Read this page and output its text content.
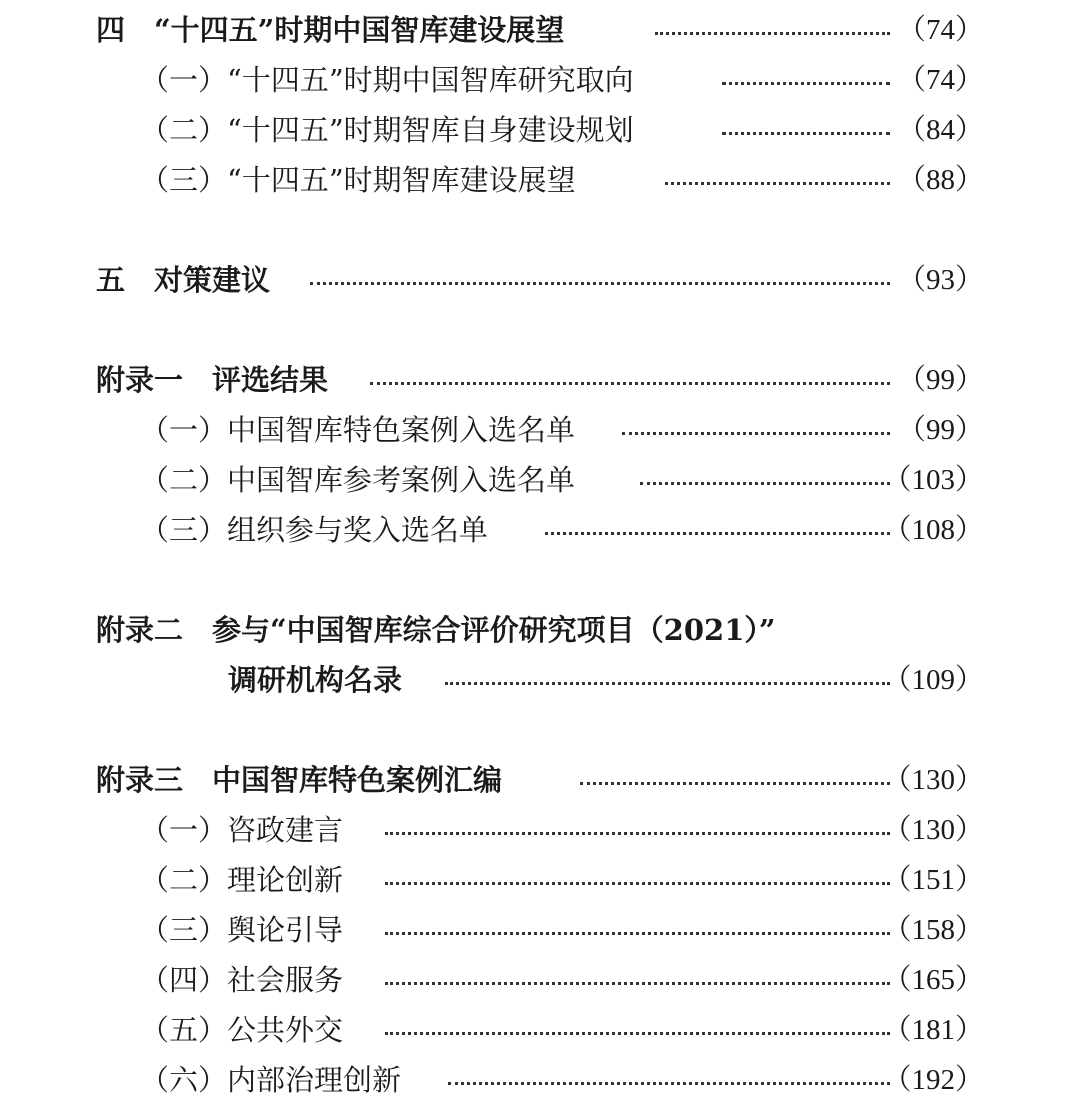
四　“十四五”时期中国智库建设展望	（74）
（一）“十四五”时期中国智库研究取向	（74）
（二）“十四五”时期智库自身建设规划	（84）
（三）“十四五”时期智库建设展望	（88）
五　对策建议	（93）
附录一　评选结果	（99）
（一）中国智库特色案例入选名单	（99）
（二）中国智库参考案例入选名单	（103）
（三）组织参与奖入选名单	（108）
附录二　参与“中国智库综合评价研究项目（2021）”
调研机构名录	（109）
附录三　中国智库特色案例汇编	（130）
（一）咨政建言	（130）
（二）理论创新	（151）
（三）舆论引导	（158）
（四）社会服务	（165）
（五）公共外交	（181）
（六）内部治理创新	（192）
